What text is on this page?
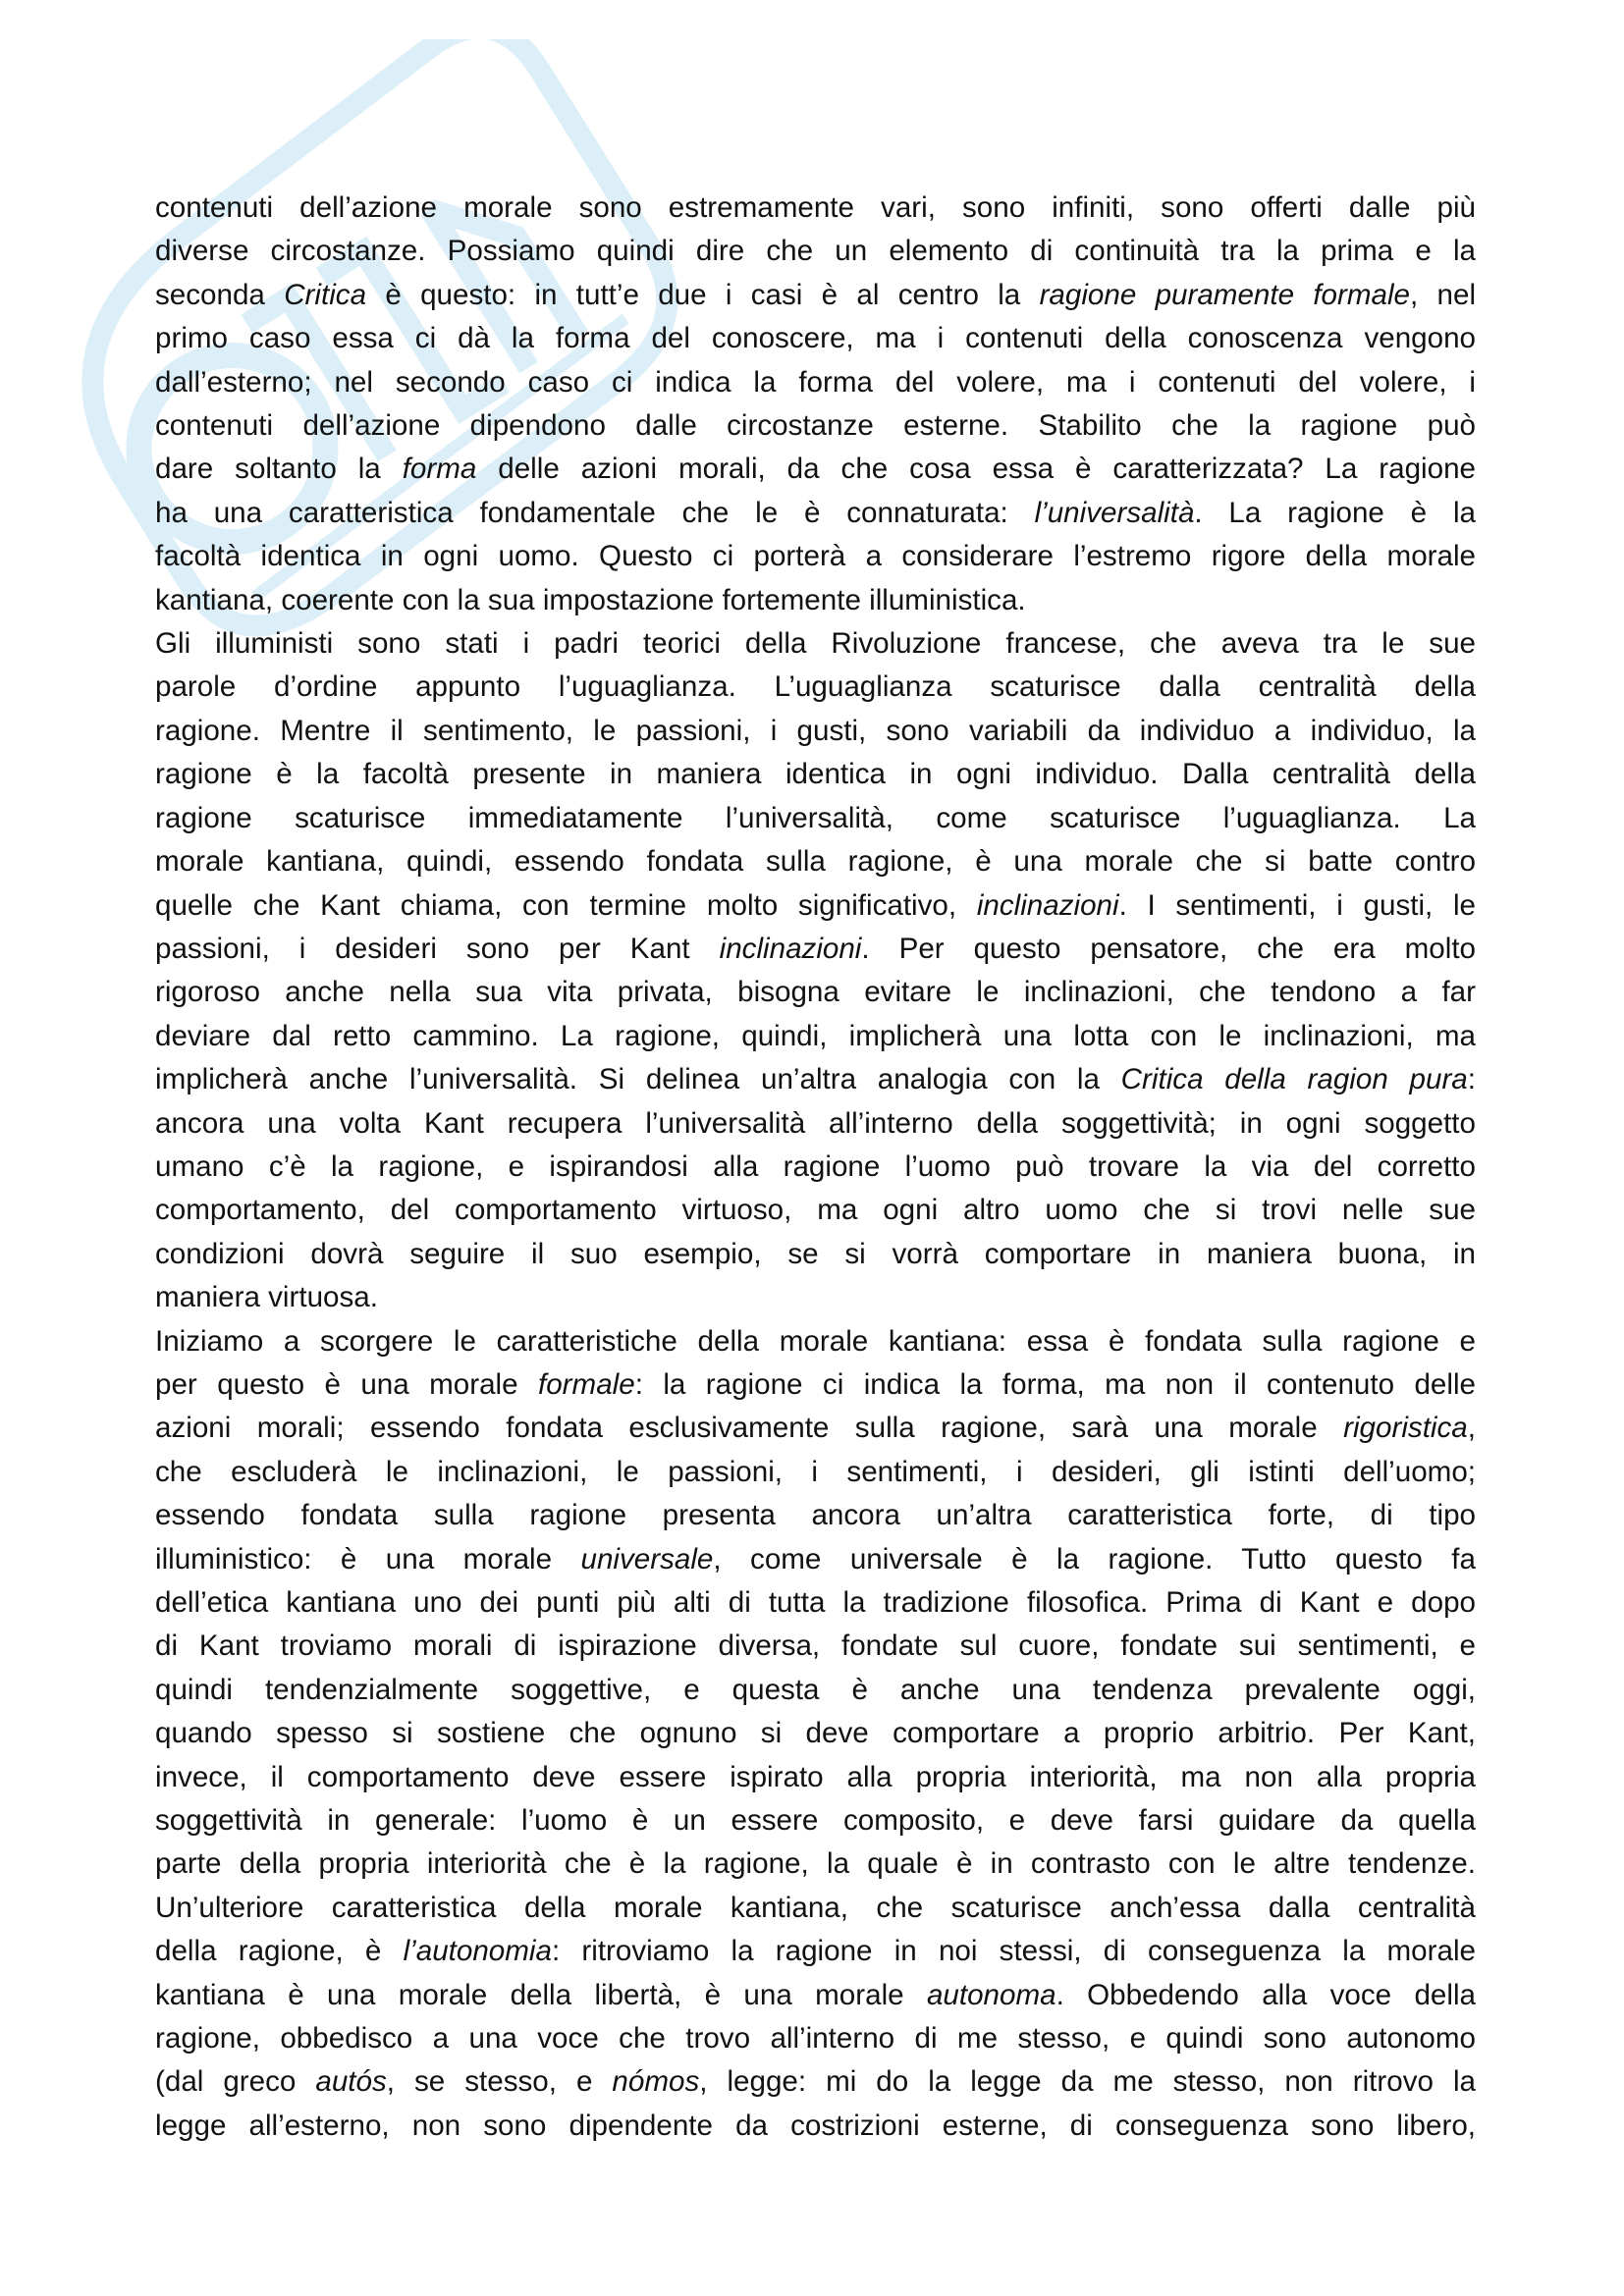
contenuti dell’azione morale sono estremamente vari, sono infiniti, sono offerti dalle più
diverse circostanze. Possiamo quindi dire che un elemento di continuità tra la prima e la
seconda Critica è questo: in tutt’e due i casi è al centro la ragione puramente formale, nel
primo caso essa ci dà la forma del conoscere, ma i contenuti della conoscenza vengono
dall’esterno; nel secondo caso ci indica la forma del volere, ma i contenuti del volere, i
contenuti dell’azione dipendono dalle circostanze esterne. Stabilito che la ragione può
dare soltanto la forma delle azioni morali, da che cosa essa è caratterizzata? La ragione
ha una caratteristica fondamentale che le è connaturata: l’universalità. La ragione è la
facoltà identica in ogni uomo. Questo ci porterà a considerare l’estremo rigore della morale
kantiana, coerente con la sua impostazione fortemente illuministica.
Gli illuministi sono stati i padri teorici della Rivoluzione francese, che aveva tra le sue
parole d’ordine appunto l’uguaglianza. L’uguaglianza scaturisce dalla centralità della
ragione. Mentre il sentimento, le passioni, i gusti, sono variabili da individuo a individuo, la
ragione è la facoltà presente in maniera identica in ogni individuo. Dalla centralità della
ragione scaturisce immediatamente l’universalità, come scaturisce l’uguaglianza. La
morale kantiana, quindi, essendo fondata sulla ragione, è una morale che si batte contro
quelle che Kant chiama, con termine molto significativo, inclinazioni. I sentimenti, i gusti, le
passioni, i desideri sono per Kant inclinazioni. Per questo pensatore, che era molto
rigoroso anche nella sua vita privata, bisogna evitare le inclinazioni, che tendono a far
deviare dal retto cammino. La ragione, quindi, implicherà una lotta con le inclinazioni, ma
implicherà anche l’universalità. Si delinea un’altra analogia con la Critica della ragion pura:
ancora una volta Kant recupera l’universalità all’interno della soggettività; in ogni soggetto
umano c’è la ragione, e ispirandosi alla ragione l’uomo può trovare la via del corretto
comportamento, del comportamento virtuoso, ma ogni altro uomo che si trovi nelle sue
condizioni dovrà seguire il suo esempio, se si vorrà comportare in maniera buona, in
maniera virtuosa.
Iniziamo a scorgere le caratteristiche della morale kantiana: essa è fondata sulla ragione e
per questo è una morale formale: la ragione ci indica la forma, ma non il contenuto delle
azioni morali; essendo fondata esclusivamente sulla ragione, sarà una morale rigoristica,
che escluderà le inclinazioni, le passioni, i sentimenti, i desideri, gli istinti dell’uomo;
essendo fondata sulla ragione presenta ancora un’altra caratteristica forte, di tipo
illuministico: è una morale universale, come universale è la ragione. Tutto questo fa
dell’etica kantiana uno dei punti più alti di tutta la tradizione filosofica. Prima di Kant e dopo
di Kant troviamo morali di ispirazione diversa, fondate sul cuore, fondate sui sentimenti, e
quindi tendenzialmente soggettive, e questa è anche una tendenza prevalente oggi,
quando spesso si sostiene che ognuno si deve comportare a proprio arbitrio. Per Kant,
invece, il comportamento deve essere ispirato alla propria interiorità, ma non alla propria
soggettività in generale: l’uomo è un essere composito, e deve farsi guidare da quella
parte della propria interiorità che è la ragione, la quale è in contrasto con le altre tendenze.
Un’ulteriore caratteristica della morale kantiana, che scaturisce anch’essa dalla centralità
della ragione, è l’autonomia: ritroviamo la ragione in noi stessi, di conseguenza la morale
kantiana è una morale della libertà, è una morale autonoma. Obbedendo alla voce della
ragione, obbedisco a una voce che trovo all’interno di me stesso, e quindi sono autonomo
(dal greco autós, se stesso, e nómos, legge: mi do la legge da me stesso, non ritrovo la
legge all’esterno, non sono dipendente da costrizioni esterne, di conseguenza sono libero,
